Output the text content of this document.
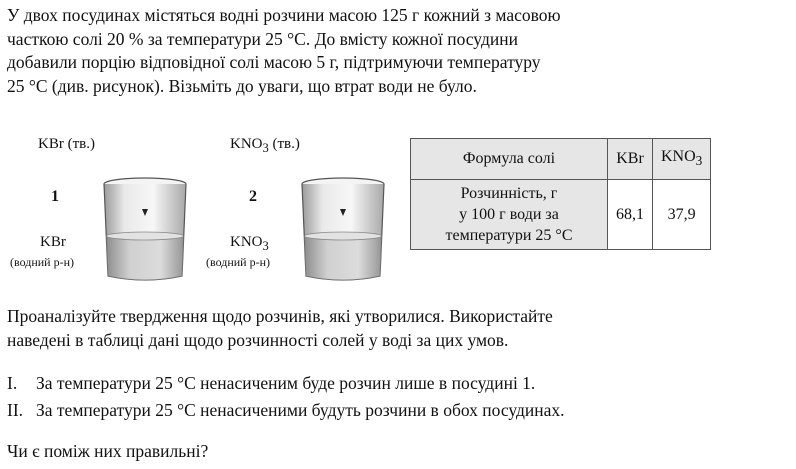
У двох посудинах містяться водні розчини масою 125 г кожний з масовою
часткою солі 20 % за температури 25 °C. До вмісту кожної посудини
добавили порцію відповідної солі масою 5 г, підтримуючи температуру
25 °C (див. рисунок). Візьміть до уваги, що втрат води не було.

KBr (тв.)
1
KBr
(водний р-н)
$KNO_3$ (тв.)
2
$KNO_3$
(водний р-н)
Формула солі	KBr	$KNO_3$

Розчинність, г
у 100 г води за
температури 25 °C	68,1	37,9

Проаналізуйте твердження щодо розчинів, які утворилися. Використайте
наведені в таблиці дані щодо розчинності солей у воді за цих умов.

I. За температури 25 °C ненасиченим буде розчин лише в посудині 1.
II. За температури 25 °C ненасиченими будуть розчини в обох посудинах.
Чи є поміж них правильні?
